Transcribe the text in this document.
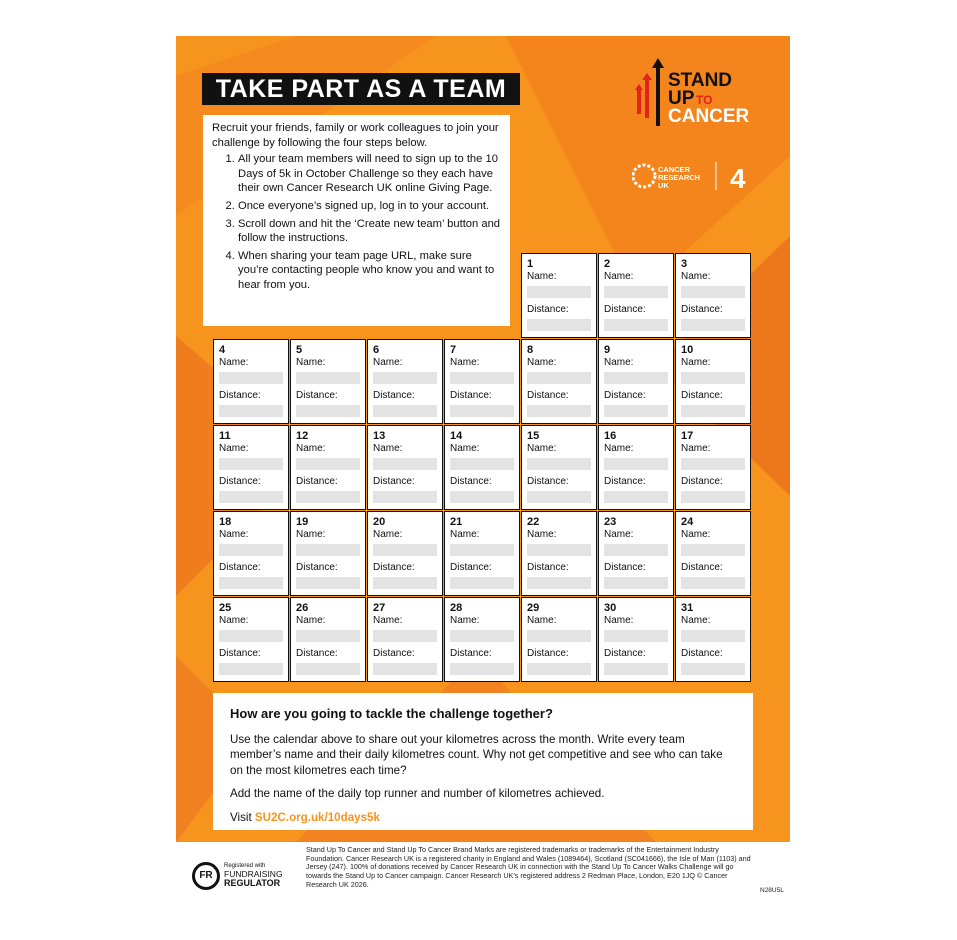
TAKE PART AS A TEAM

Recruit your friends, family or work colleagues to join your challenge by following the four steps below.

1. All your team members will need to sign up to the 10 Days of 5k in October Challenge so they each have their own Cancer Research UK online Giving Page.
2. Once everyone’s signed up, log in to your account.
3. Scroll down and hit the ‘Create new team’ button and follow the instructions.
4. When sharing your team page URL, make sure you’re contacting people who know you and want to hear from you.
STAND
UP TO
CANCER
4
CANCER RESEARCH UK
1
Name:
Distance:
2
Name:
Distance:
3
Name:
Distance:
4
Name:
Distance:
5
Name:
Distance:
6
Name:
Distance:
7
Name:
Distance:
8
Name:
Distance:
9
Name:
Distance:
10
Name:
Distance:
11
Name:
Distance:
12
Name:
Distance:
13
Name:
Distance:
14
Name:
Distance:
15
Name:
Distance:
16
Name:
Distance:
17
Name:
Distance:
18
Name:
Distance:
19
Name:
Distance:
20
Name:
Distance:
21
Name:
Distance:
22
Name:
Distance:
23
Name:
Distance:
24
Name:
Distance:
25
Name:
Distance:
26
Name:
Distance:
27
Name:
Distance:
28
Name:
Distance:
29
Name:
Distance:
30
Name:
Distance:
31
Name:
Distance:
How are you going to tackle the challenge together?

Use the calendar above to share out your kilometres across the month. Write every team member’s name and their daily kilometres count. Why not get competitive and see who can take on the most kilometres each time?

Add the name of the daily top runner and number of kilometres achieved.

Visit SU2C.org.uk/10days5k

FR
Registered with
FUNDRAISING
REGULATOR
Stand Up To Cancer and Stand Up To Cancer Brand Marks are registered trademarks or trademarks of the Entertainment Industry Foundation. Cancer Research UK is a registered charity in England and Wales (1089464), Scotland (SC041666), the Isle of Man (1103) and Jersey (247). 100% of donations received by Cancer Research UK in connection with the Stand Up To Cancer Walks Challenge will go towards the Stand Up to Cancer campaign. Cancer Research UK’s registered address 2 Redman Place, London, E20 1JQ © Cancer Research UK 2026.
N28U5L
